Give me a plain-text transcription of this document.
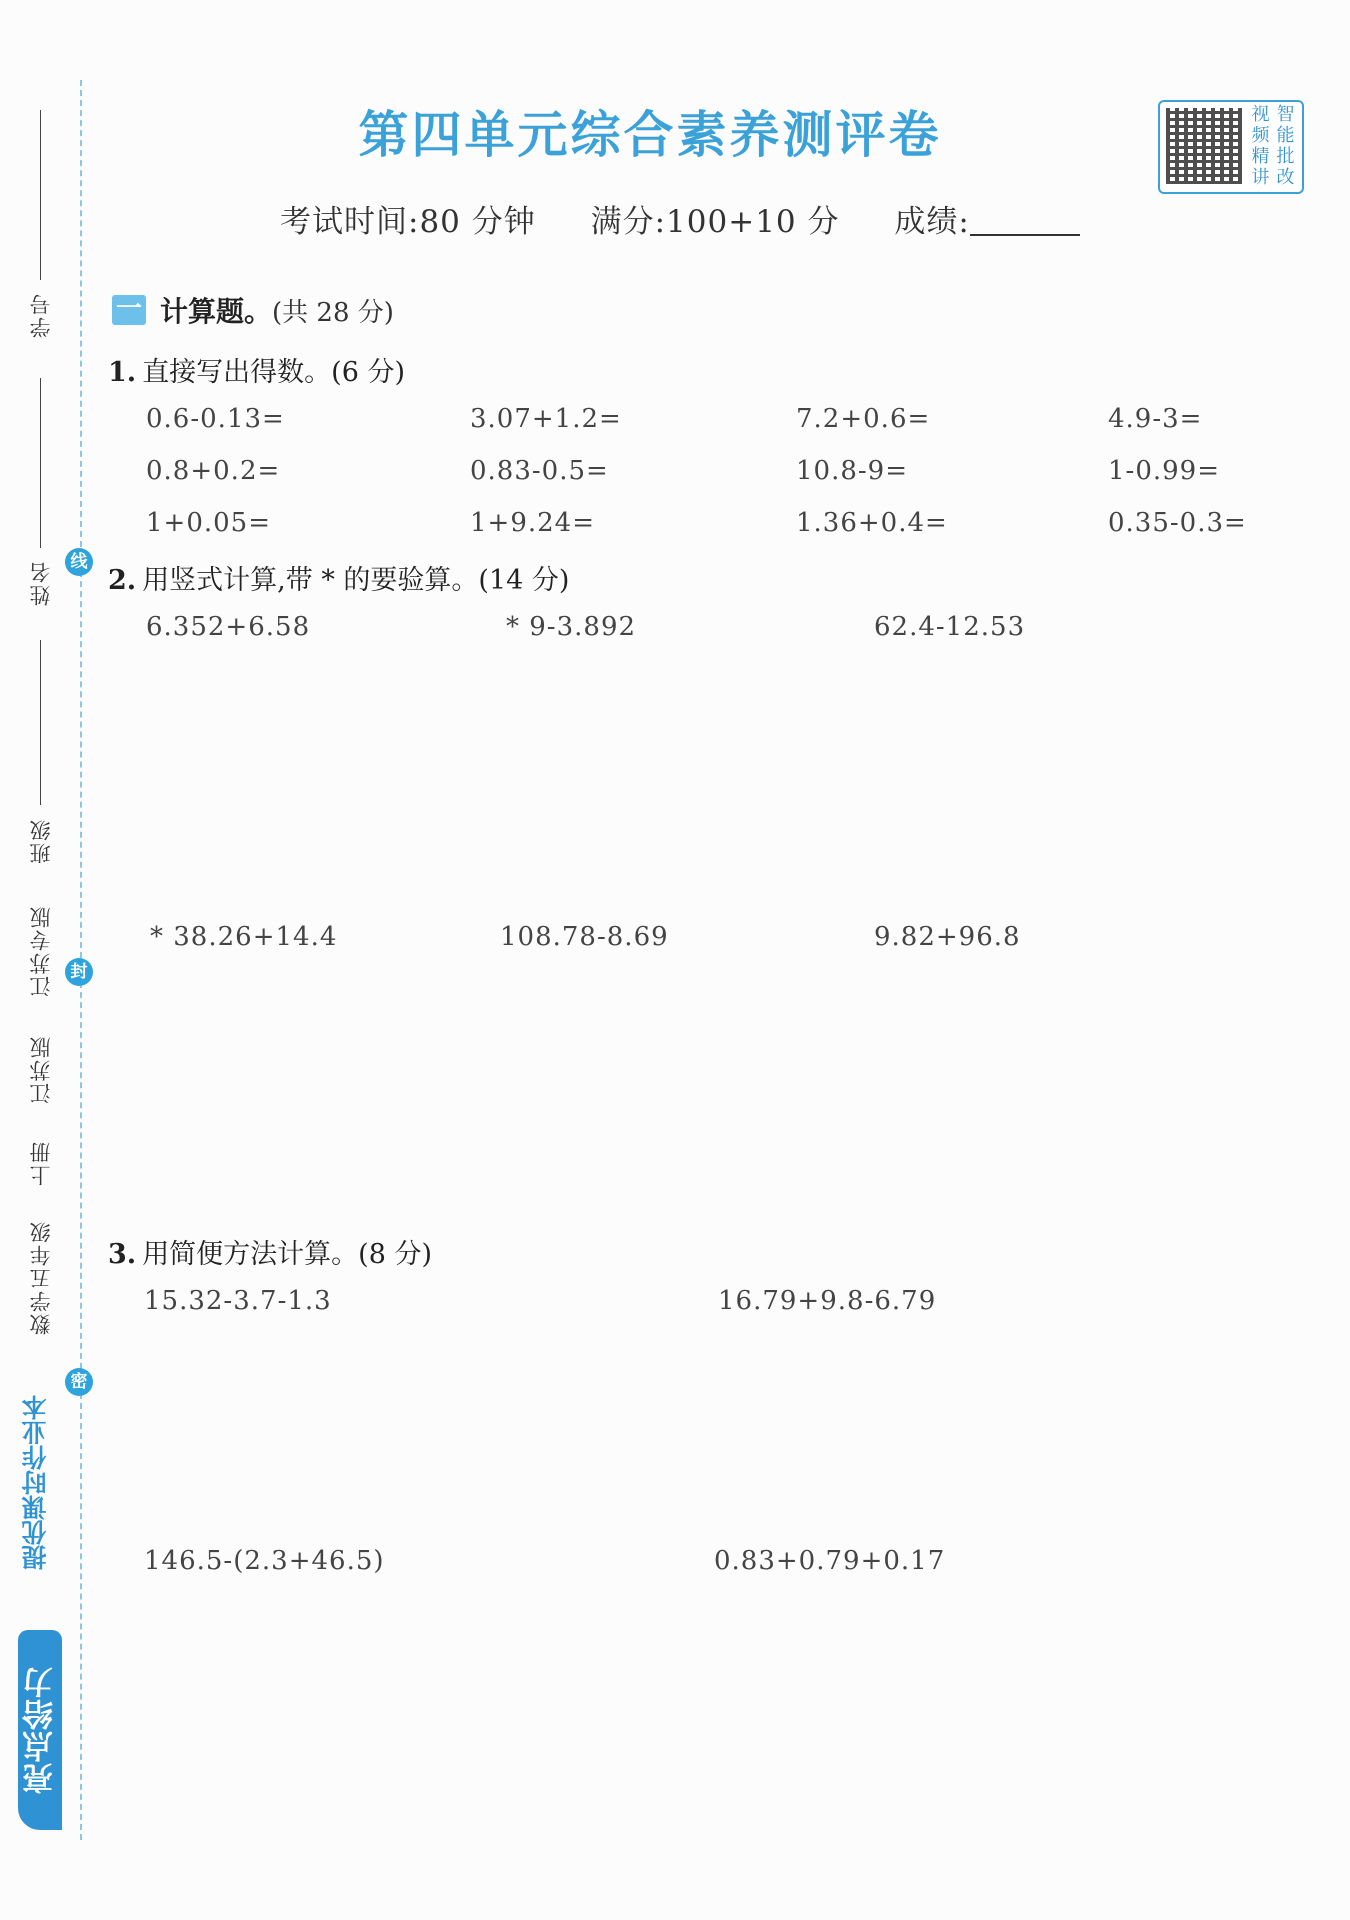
线
封
密
学号
姓名
班级
江苏专版
江苏版
上册
数学五年级
提优课时作业本
亮点给力
第四单元综合素养测评卷	视 智
频 能
精 批
讲 改
考试时间:80 分钟 满分:100+10 分 成绩:
一 计算题。 (共 28 分)
1. 直接写出得数。(6 分)
0.6-0.13=	3.07+1.2=	7.2+0.6=	4.9-3=
0.8+0.2=	0.83-0.5=	10.8-9=	1-0.99=
1+0.05=	1+9.24=	1.36+0.4=	0.35-0.3=
2. 用竖式计算,带 * 的要验算。(14 分)
6.352+6.58	* 9-3.892	62.4-12.53
* 38.26+14.4	108.78-8.69	9.82+96.8
3. 用简便方法计算。(8 分)
15.32-3.7-1.3	16.79+9.8-6.79
146.5-(2.3+46.5)	0.83+0.79+0.17
